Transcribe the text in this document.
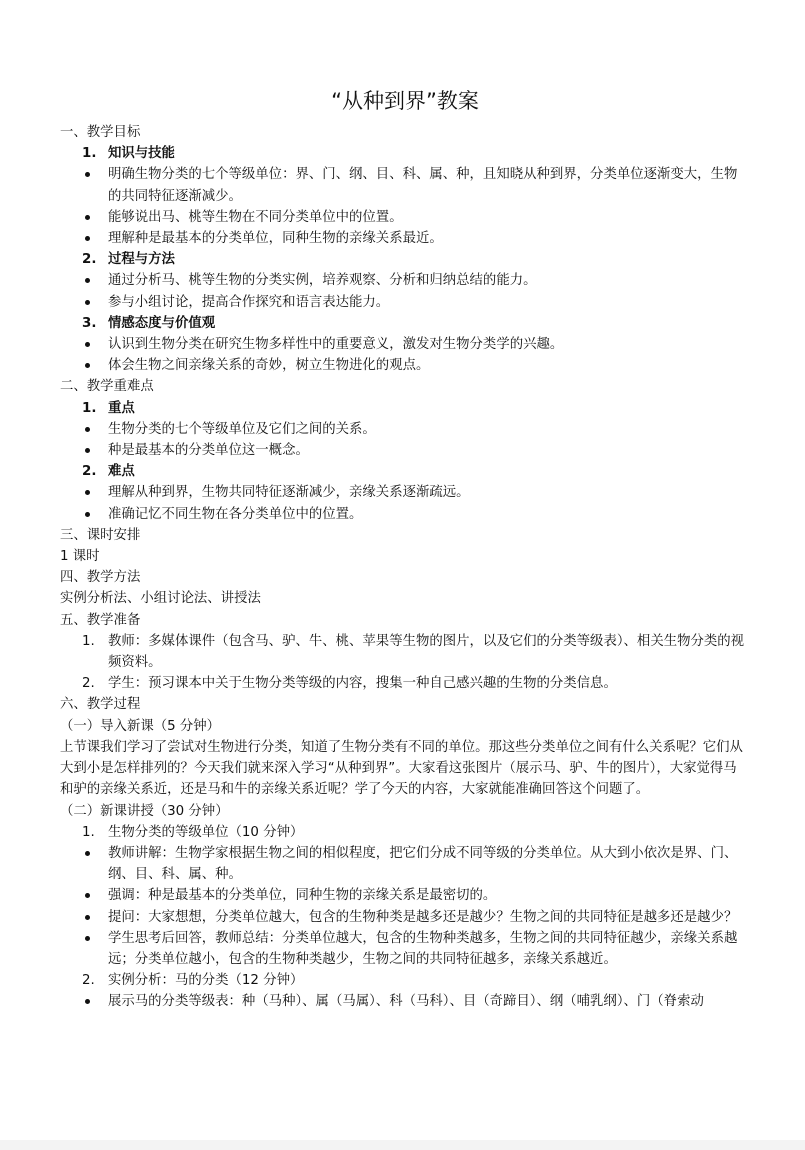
“从种到界”教案
一、教学目标
1. 知识与技能
明确生物分类的七个等级单位：界、门、纲、目、科、属、种，且知晓从种到界，分类单位逐渐变大，生物的共同特征逐渐减少。
能够说出马、桃等生物在不同分类单位中的位置。
理解种是最基本的分类单位，同种生物的亲缘关系最近。
2. 过程与方法
通过分析马、桃等生物的分类实例，培养观察、分析和归纳总结的能力。
参与小组讨论，提高合作探究和语言表达能力。
3. 情感态度与价值观
认识到生物分类在研究生物多样性中的重要意义，激发对生物分类学的兴趣。
体会生物之间亲缘关系的奇妙，树立生物进化的观点。
二、教学重难点
1. 重点
生物分类的七个等级单位及它们之间的关系。
种是最基本的分类单位这一概念。
2. 难点
理解从种到界，生物共同特征逐渐减少，亲缘关系逐渐疏远。
准确记忆不同生物在各分类单位中的位置。
三、课时安排
1 课时
四、教学方法
实例分析法、小组讨论法、讲授法
五、教学准备
1. 教师：多媒体课件（包含马、驴、牛、桃、苹果等生物的图片，以及它们的分类等级表）、相关生物分类的视频资料。
2. 学生：预习课本中关于生物分类等级的内容，搜集一种自己感兴趣的生物的分类信息。
六、教学过程
（一）导入新课（5 分钟）
上节课我们学习了尝试对生物进行分类，知道了生物分类有不同的单位。那这些分类单位之间有什么关系呢？它们从大到小是怎样排列的？今天我们就来深入学习“从种到界”。大家看这张图片（展示马、驴、牛的图片），大家觉得马和驴的亲缘关系近，还是马和牛的亲缘关系近呢？学了今天的内容，大家就能准确回答这个问题了。
（二）新课讲授（30 分钟）
1. 生物分类的等级单位（10 分钟）
教师讲解：生物学家根据生物之间的相似程度，把它们分成不同等级的分类单位。从大到小依次是界、门、纲、目、科、属、种。
强调：种是最基本的分类单位，同种生物的亲缘关系是最密切的。
提问：大家想想，分类单位越大，包含的生物种类是越多还是越少？生物之间的共同特征是越多还是越少？
学生思考后回答，教师总结：分类单位越大，包含的生物种类越多，生物之间的共同特征越少，亲缘关系越远；分类单位越小，包含的生物种类越少，生物之间的共同特征越多，亲缘关系越近。
2. 实例分析：马的分类（12 分钟）
展示马的分类等级表：种（马种）、属（马属）、科（马科）、目（奇蹄目）、纲（哺乳纲）、门（脊索动
